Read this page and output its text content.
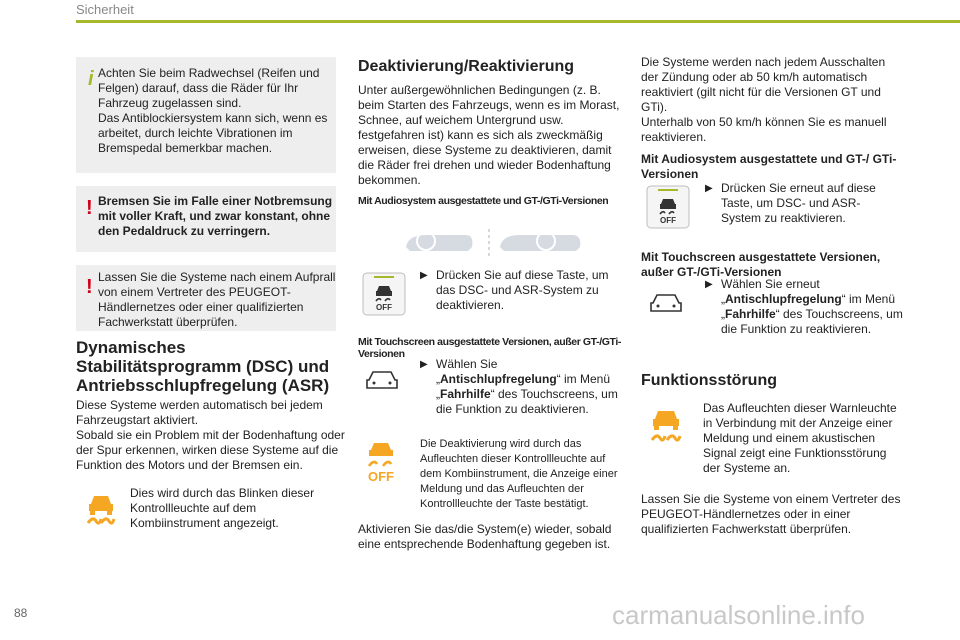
Sicherheit
i Achten Sie beim Radwechsel (Reifen und Felgen) darauf, dass die Räder für Ihr Fahrzeug zugelassen sind.
Das Antiblockiersystem kann sich, wenn es arbeitet, durch leichte Vibrationen im Bremspedal bemerkbar machen.

! Bremsen Sie im Falle einer Notbremsung mit voller Kraft, und zwar konstant, ohne den Pedaldruck zu verringern.

! Lassen Sie die Systeme nach einem Aufprall von einem Vertreter des PEUGEOT-Händlernetzes oder einer qualifizierten Fachwerkstatt überprüfen.

Dynamisches Stabilitätsprogramm (DSC) und Antriebsschlupfregelung (ASR)

Diese Systeme werden automatisch bei jedem Fahrzeugstart aktiviert.
Sobald sie ein Problem mit der Bodenhaftung oder der Spur erkennen, wirken diese Systeme auf die Funktion des Motors und der Bremsen ein.

Dies wird durch das Blinken dieser Kontrollleuchte auf dem Kombiinstrument angezeigt.

Deaktivierung/Reaktivierung

Unter außergewöhnlichen Bedingungen (z. B. beim Starten des Fahrzeugs, wenn es im Morast, Schnee, auf weichem Untergrund usw. festgefahren ist) kann es sich als zweckmäßig erweisen, diese Systeme zu deaktivieren, damit die Räder frei drehen und wieder Bodenhaftung bekommen.

Mit Audiosystem ausgestattete und GT-/GTi-Versionen
OFF
▶ Drücken Sie auf diese Taste, um das DSC- und ASR-System zu deaktivieren.
Mit Touchscreen ausgestattete Versionen, außer GT-/GTi-Versionen
▶ Wählen Sie „Antischlupfregelung“ im Menü „Fahrhilfe“ des Touchscreens, um die Funktion zu deaktivieren.
OFF

Die Deaktivierung wird durch das Aufleuchten dieser Kontrollleuchte auf dem Kombiinstrument, die Anzeige einer Meldung und das Aufleuchten der Kontrollleuchte der Taste bestätigt.

Aktivieren Sie das/die System(e) wieder, sobald eine entsprechende Bodenhaftung gegeben ist.

Die Systeme werden nach jedem Ausschalten der Zündung oder ab 50 km/h automatisch reaktiviert (gilt nicht für die Versionen GT und GTi).
Unterhalb von 50 km/h können Sie es manuell reaktivieren.

Mit Audiosystem ausgestattete und GT-/ GTi-Versionen
OFF
▶ Drücken Sie erneut auf diese Taste, um DSC- und ASR-System zu reaktivieren.
Mit Touchscreen ausgestattete Versionen, außer GT-/GTi-Versionen
▶ Wählen Sie erneut „Antischlupfregelung“ im Menü „Fahrhilfe“ des Touchscreens, um die Funktion zu reaktivieren.
Funktionsstörung

Das Aufleuchten dieser Warnleuchte in Verbindung mit der Anzeige einer Meldung und einem akustischen Signal zeigt eine Funktionsstörung der Systeme an.

Lassen Sie die Systeme von einem Vertreter des PEUGEOT-Händlernetzes oder in einer qualifizierten Fachwerkstatt überprüfen.

88	carmanualsonline.info
